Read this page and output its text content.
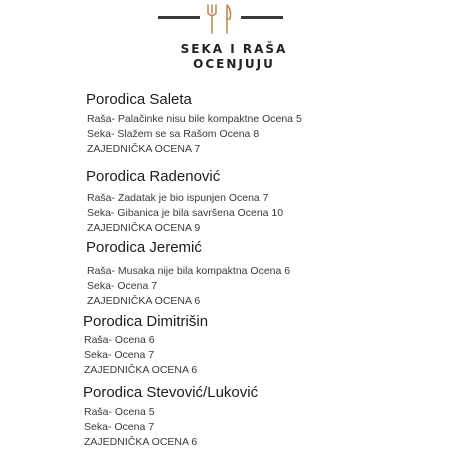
SEKA I RAŠA
OCENJUJU
Porodica Saleta
Raša- Palačinke nisu bile kompaktne Ocena 5
Seka- Slažem se sa Rašom Ocena 8
ZAJEDNIČKA OCENA 7
Porodica Radenović
Raša- Zadatak je bio ispunjen Ocena 7
Seka- Gibanica je bila savršena Ocena 10
ZAJEDNIČKA OCENA 9
Porodica Jeremić
Raša- Musaka nije bila kompaktna Ocena 6
Seka- Ocena 7
ZAJEDNIČKA OCENA 6
Porodica Dimitrišin
Raša- Ocena 6
Seka- Ocena 7
ZAJEDNIČKA OCENA 6
Porodica Stevović/Luković
Raša- Ocena 5
Seka- Ocena 7
ZAJEDNIČKA OCENA 6
